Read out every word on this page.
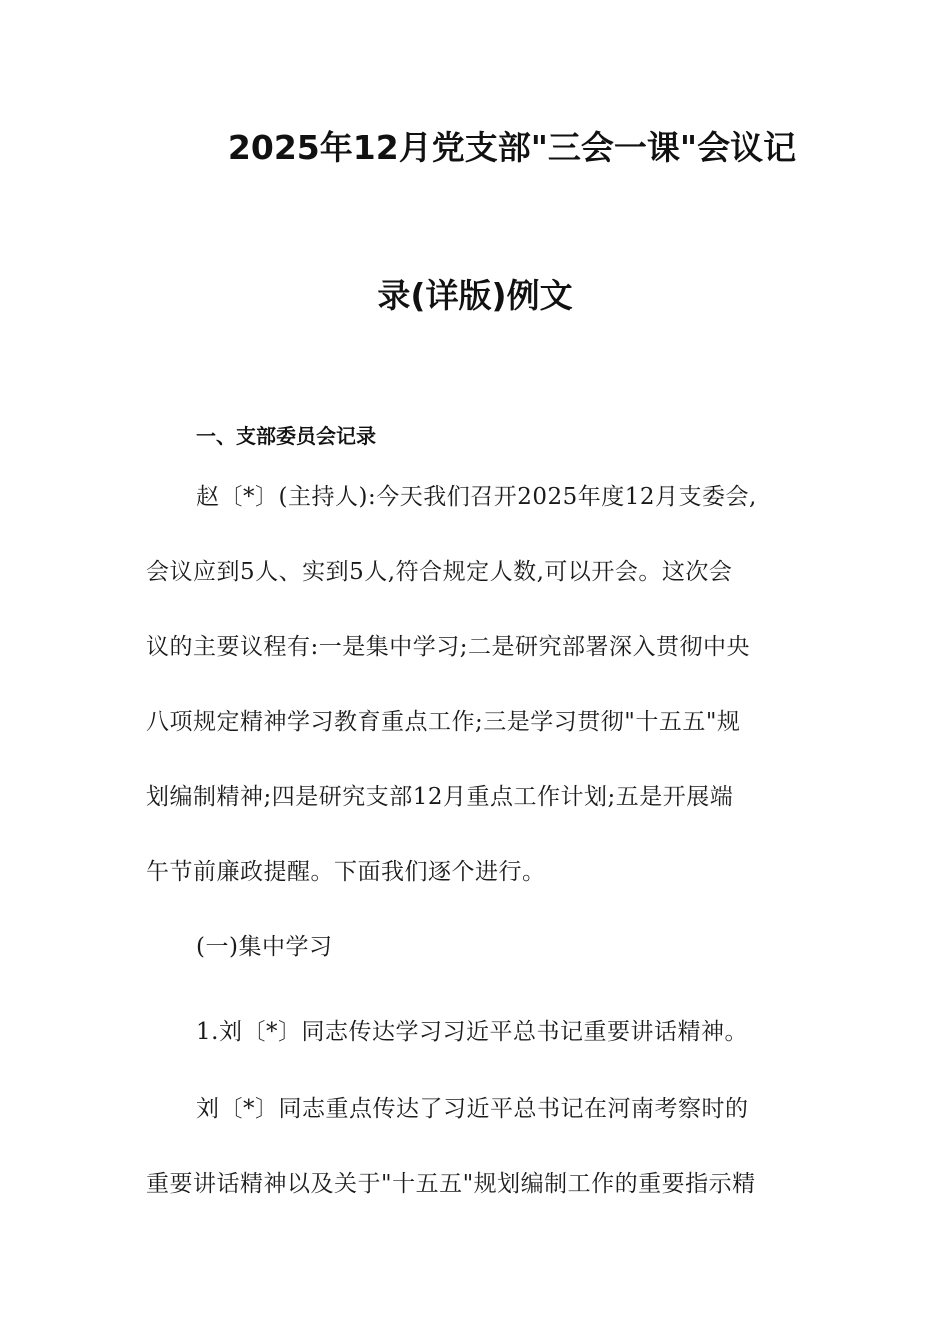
2025年12月党支部"三会一课"会议记
录(详版)例文
一、支部委员会记录
赵〔*〕(主持人):今天我们召开2025年度12月支委会,
会议应到5人、实到5人,符合规定人数,可以开会。这次会
议的主要议程有:一是集中学习;二是研究部署深入贯彻中央
八项规定精神学习教育重点工作;三是学习贯彻"十五五"规
划编制精神;四是研究支部12月重点工作计划;五是开展端
午节前廉政提醒。下面我们逐个进行。
(一)集中学习
1.刘〔*〕同志传达学习习近平总书记重要讲话精神。
刘〔*〕同志重点传达了习近平总书记在河南考察时的
重要讲话精神以及关于"十五五"规划编制工作的重要指示精
